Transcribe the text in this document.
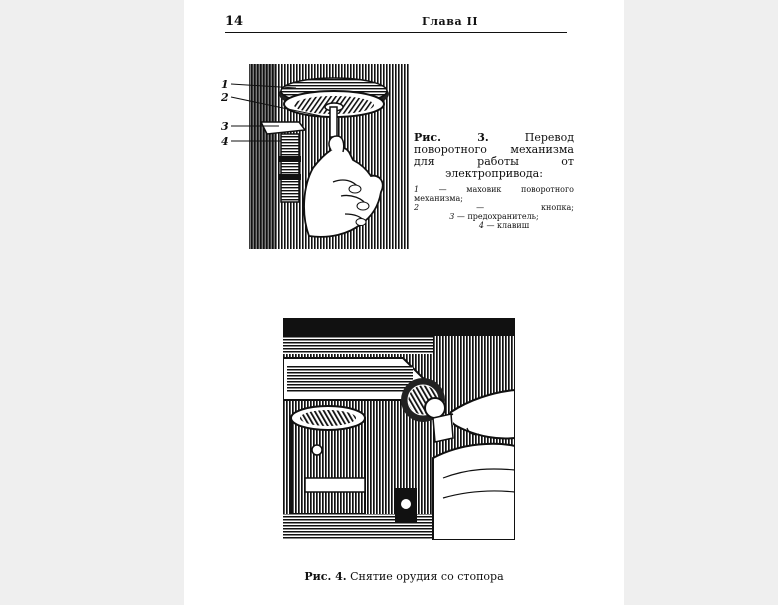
14	Глава II
1
2
3
4	Рис. 3.	Перевод поворотного механизма для работы от электропривода:

1 — маховик поворотного механизма;
2 — кнопка;
3 — предохранитель;
4 — клавиш
Рис. 4. Снятие орудия со стопора
